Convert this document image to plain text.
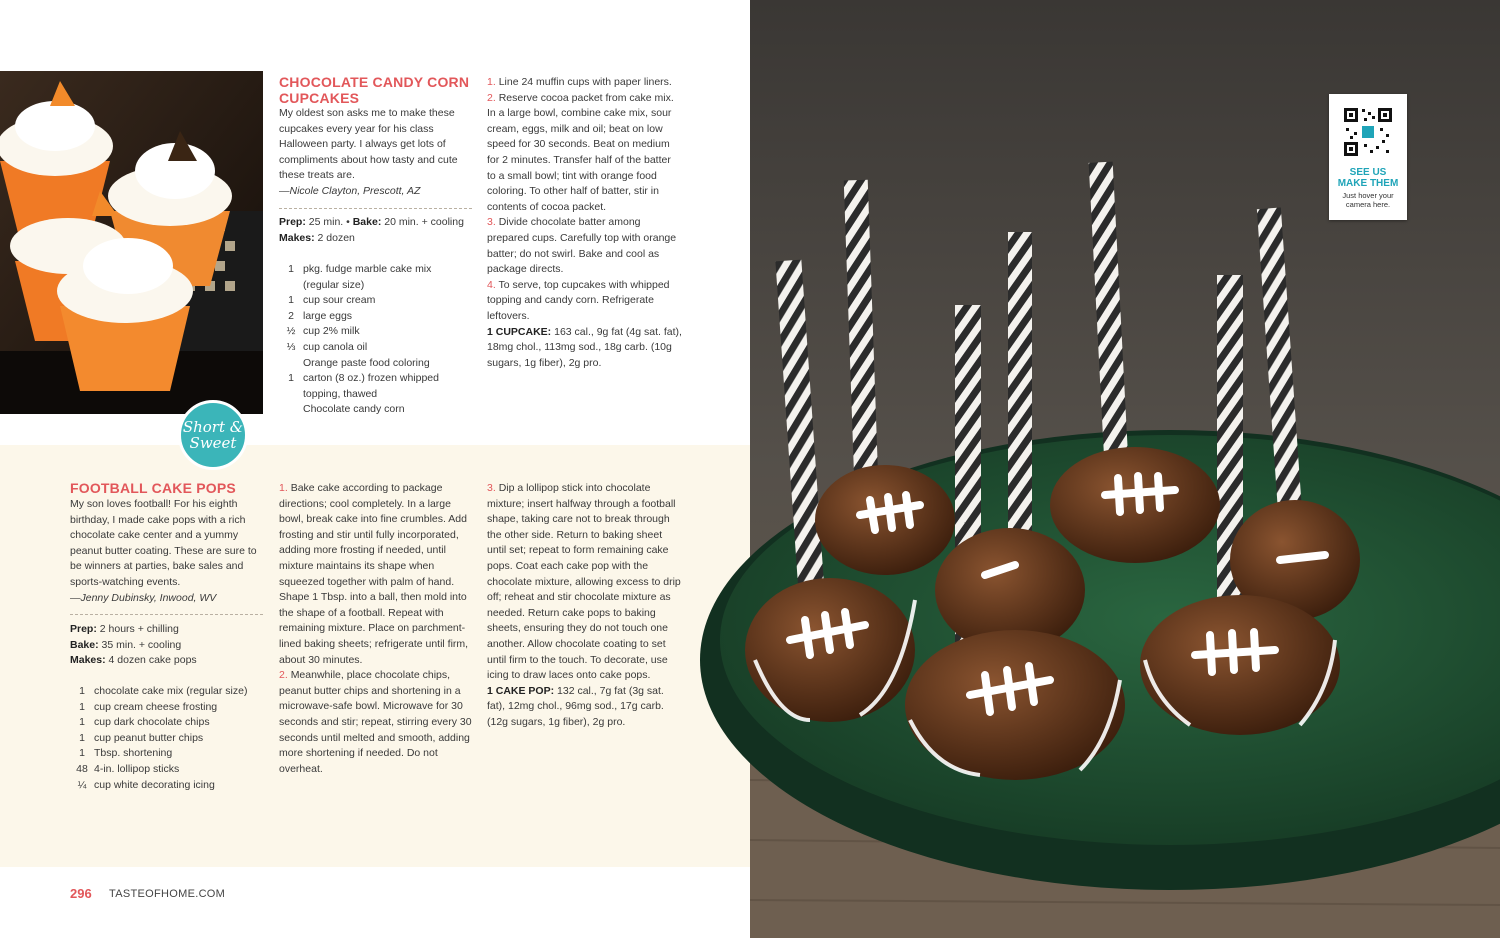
Short &
Sweet
CHOCOLATE CANDY CORN
CUPCAKES

My oldest son asks me to make these cupcakes every year for his class Halloween party. I always get lots of compliments about how tasty and cute these treats are.

—Nicole Clayton, Prescott, AZ

Prep: 25 min. • Bake: 20 min. + cooling

Makes: 2 dozen

1 pkg. fudge marble cake mix (regular size)
1 cup sour cream
2 large eggs
½ cup 2% milk
⅓ cup canola oil
Orange paste food coloring
1 carton (8 oz.) frozen whipped topping, thawed
Chocolate candy corn

1. Line 24 muffin cups with paper liners.

2. Reserve cocoa packet from cake mix. In a large bowl, combine cake mix, sour cream, eggs, milk and oil; beat on low speed for 30 seconds. Beat on medium for 2 minutes. Transfer half of the batter to a small bowl; tint with orange food coloring. To other half of batter, stir in contents of cocoa packet.

3. Divide chocolate batter among prepared cups. Carefully top with orange batter; do not swirl. Bake and cool as package directs.

4. To serve, top cupcakes with whipped topping and candy corn. Refrigerate leftovers.

1 CUPCAKE: 163 cal., 9g fat (4g sat. fat), 18mg chol., 113mg sod., 18g carb. (10g sugars, 1g fiber), 2g pro.

FOOTBALL CAKE POPS

My son loves football! For his eighth birthday, I made cake pops with a rich chocolate cake center and a yummy peanut butter coating. These are sure to be winners at parties, bake sales and sports-watching events.

—Jenny Dubinsky, Inwood, WV

Prep: 2 hours + chilling

Bake: 35 min. + cooling

Makes: 4 dozen cake pops

1 chocolate cake mix (regular size)
1 cup cream cheese frosting
1 cup dark chocolate chips
1 cup peanut butter chips
1 Tbsp. shortening
48 4-in. lollipop sticks
¼ cup white decorating icing

1. Bake cake according to package directions; cool completely. In a large bowl, break cake into fine crumbles. Add frosting and stir until fully incorporated, adding more frosting if needed, until mixture maintains its shape when squeezed together with palm of hand. Shape 1 Tbsp. into a ball, then mold into the shape of a football. Repeat with remaining mixture. Place on parchment-lined baking sheets; refrigerate until firm, about 30 minutes.

2. Meanwhile, place chocolate chips, peanut butter chips and shortening in a microwave-safe bowl. Microwave for 30 seconds and stir; repeat, stirring every 30 seconds until melted and smooth, adding more shortening if needed. Do not overheat.

3. Dip a lollipop stick into chocolate mixture; insert halfway through a football shape, taking care not to break through the other side. Return to baking sheet until set; repeat to form remaining cake pops. Coat each cake pop with the chocolate mixture, allowing excess to drip off; reheat and stir chocolate mixture as needed. Return cake pops to baking sheets, ensuring they do not touch one another. Allow chocolate coating to set until firm to the touch. To decorate, use icing to draw laces onto cake pops.

1 CAKE POP: 132 cal., 7g fat (3g sat. fat), 12mg chol., 96mg sod., 17g carb. (12g sugars, 1g fiber), 2g pro.

296 TASTEOFHOME.COM
SEE US
MAKE THEM
Just hover your
camera here.
